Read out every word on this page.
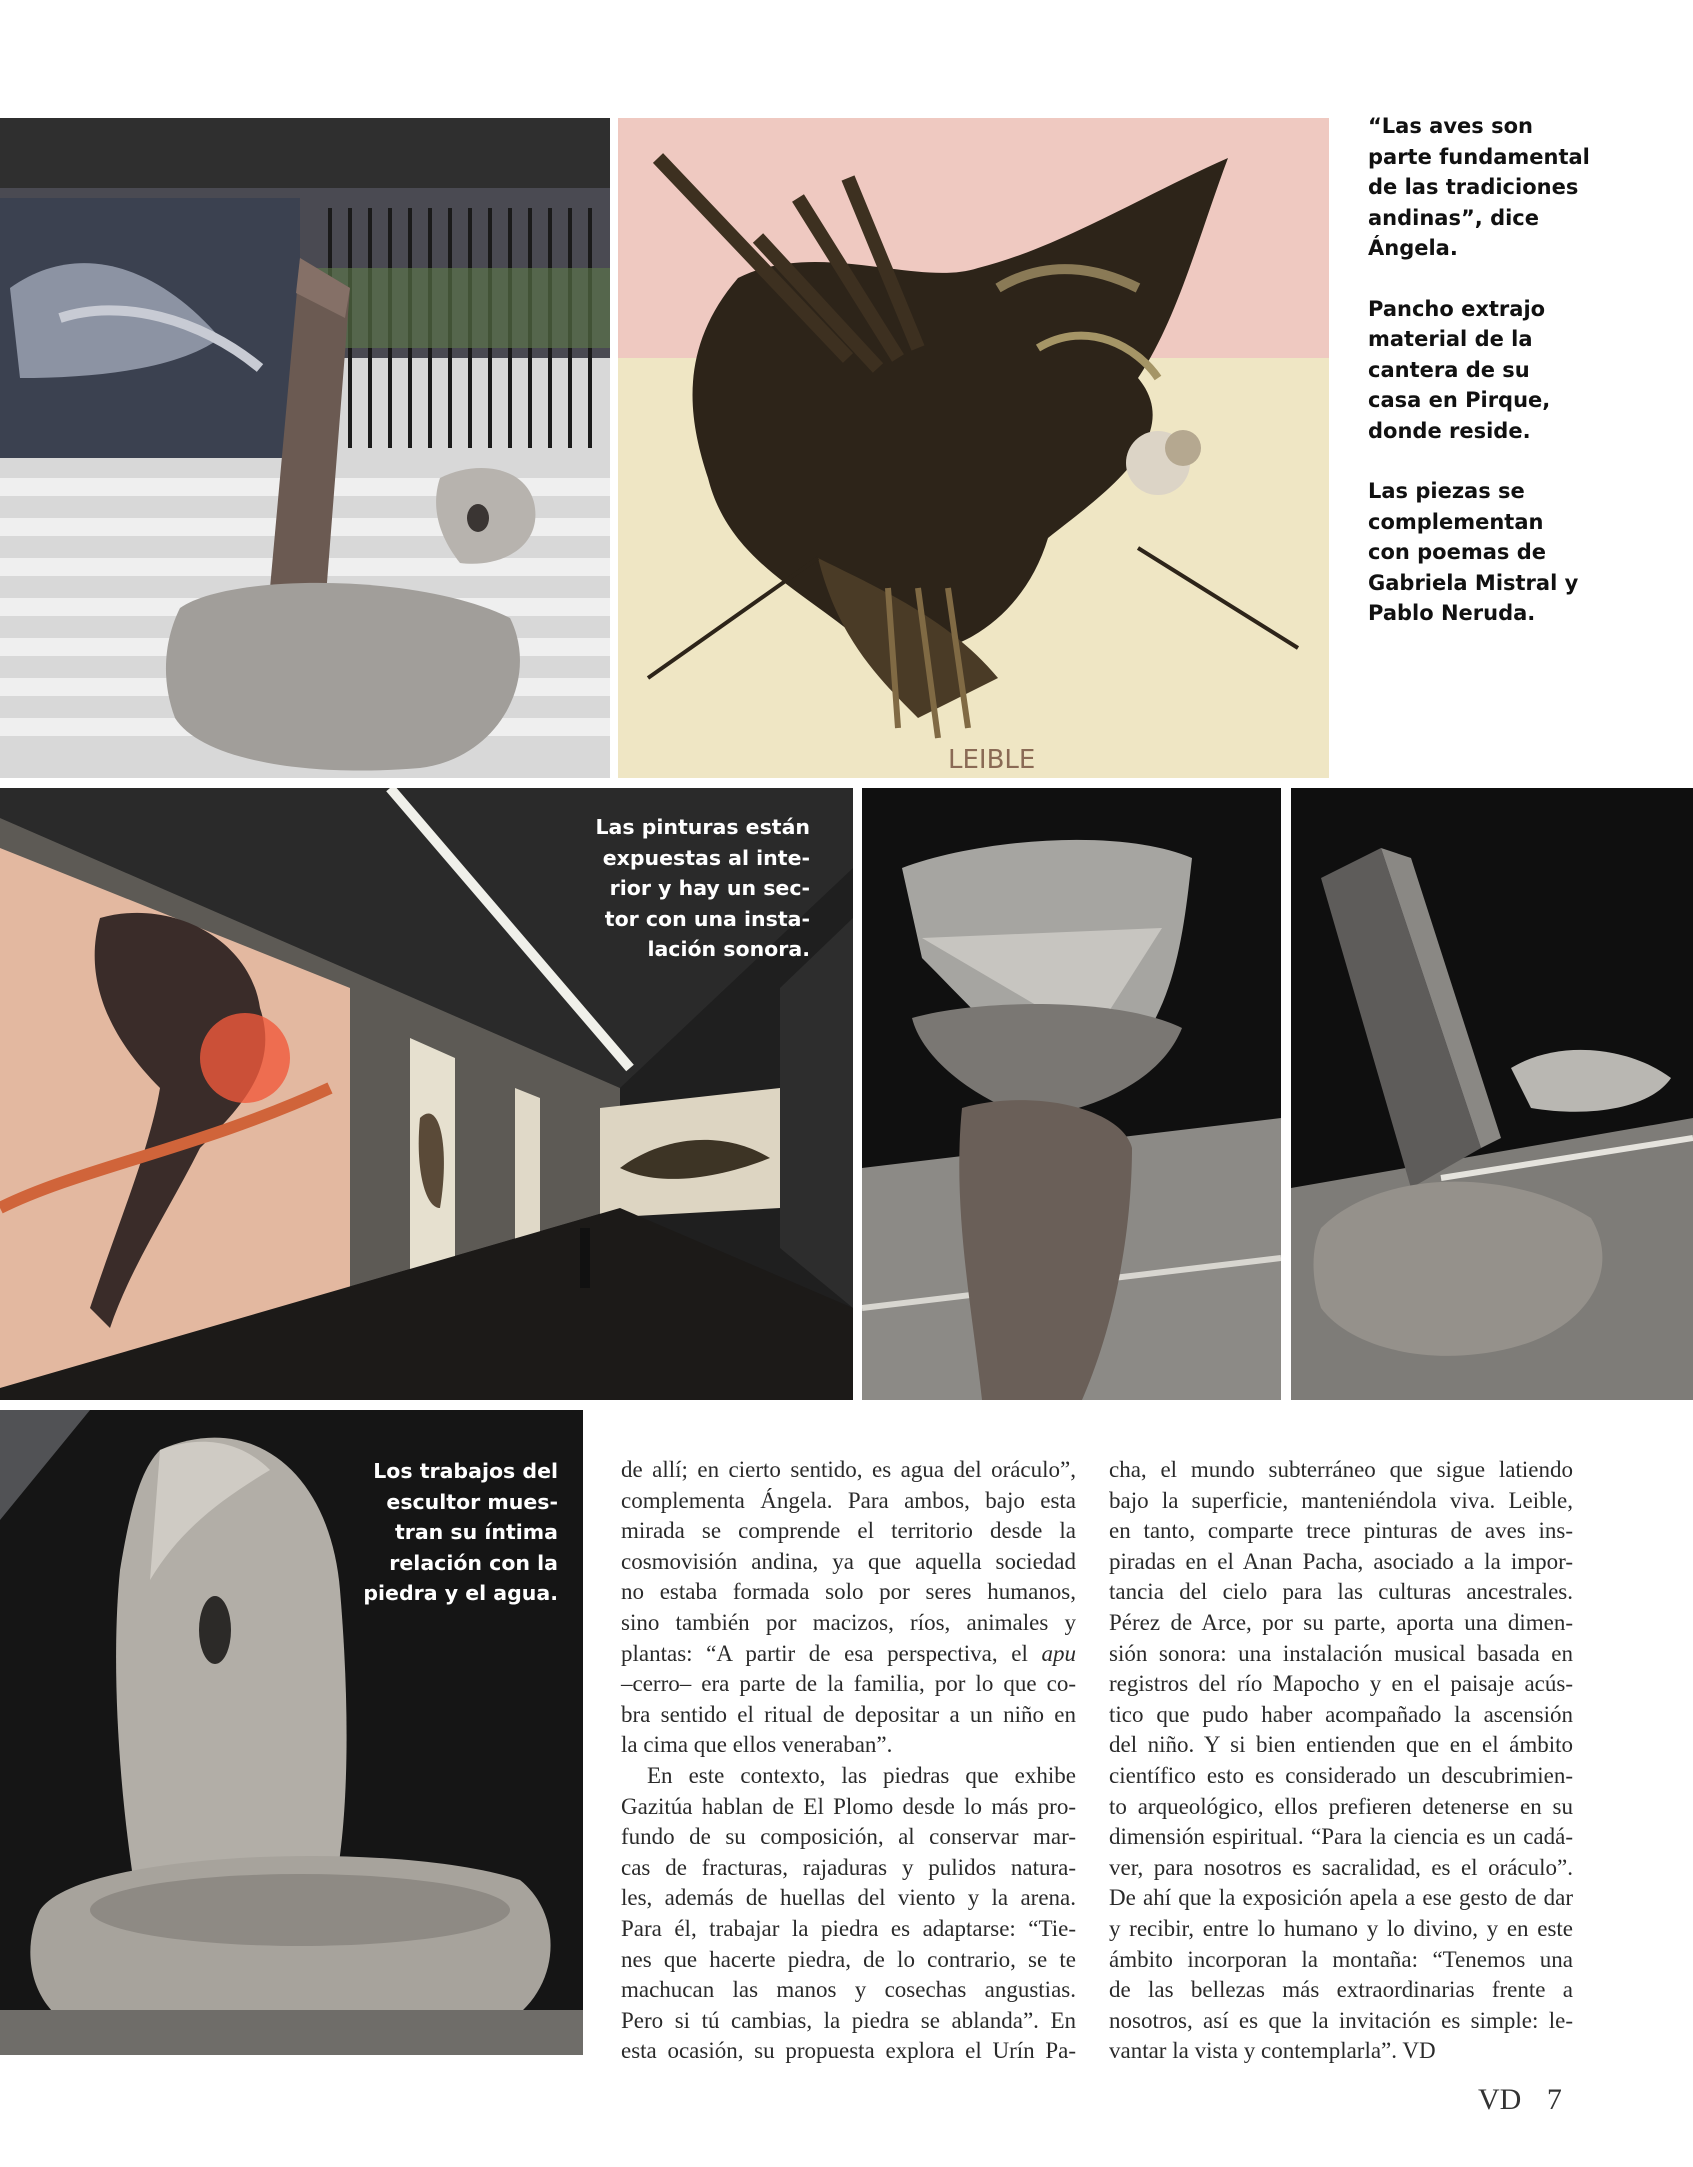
LEIBLE

“Las aves son
parte fundamental
de las tradiciones
andinas”, dice
Ángela.

Pancho extrajo
material de la
cantera de su
casa en Pirque,
donde reside.

Las piezas se
complementan
con poemas de
Gabriela Mistral y
Pablo Neruda.

Las pinturas están
expuestas al inte-
rior y hay un sec-
tor con una insta-
lación sonora.
Los trabajos del
escultor mues-
tran su íntima
relación con la
piedra y el agua.
de allí; en cierto sentido, es agua del oráculo”,
complementa Ángela. Para ambos, bajo esta
mirada se comprende el territorio desde la
cosmovisión andina, ya que aquella sociedad
no estaba formada solo por seres humanos,
sino también por macizos, ríos, animales y
plantas: “A partir de esa perspectiva, el apu
–cerro– era parte de la familia, por lo que co-
bra sentido el ritual de depositar a un niño en
la cima que ellos veneraban”.
En este contexto, las piedras que exhibe
Gazitúa hablan de El Plomo desde lo más pro-
fundo de su composición, al conservar mar-
cas de fracturas, rajaduras y pulidos natura-
les, además de huellas del viento y la arena.
Para él, trabajar la piedra es adaptarse: “Tie-
nes que hacerte piedra, de lo contrario, se te
machucan las manos y cosechas angustias.
Pero si tú cambias, la piedra se ablanda”. En
esta ocasión, su propuesta explora el Urín Pa-
cha, el mundo subterráneo que sigue latiendo
bajo la superficie, manteniéndola viva. Leible,
en tanto, comparte trece pinturas de aves ins-
piradas en el Anan Pacha, asociado a la impor-
tancia del cielo para las culturas ancestrales.
Pérez de Arce, por su parte, aporta una dimen-
sión sonora: una instalación musical basada en
registros del río Mapocho y en el paisaje acús-
tico que pudo haber acompañado la ascensión
del niño. Y si bien entienden que en el ámbito
científico esto es considerado un descubrimien-
to arqueológico, ellos prefieren detenerse en su
dimensión espiritual. “Para la ciencia es un cadá-
ver, para nosotros es sacralidad, es el oráculo”.
De ahí que la exposición apela a ese gesto de dar
y recibir, entre lo humano y lo divino, y en este
ámbito incorporan la montaña: “Tenemos una
de las bellezas más extraordinarias frente a
nosotros, así es que la invitación es simple: le-
vantar la vista y contemplarla”. VD
VD 7
